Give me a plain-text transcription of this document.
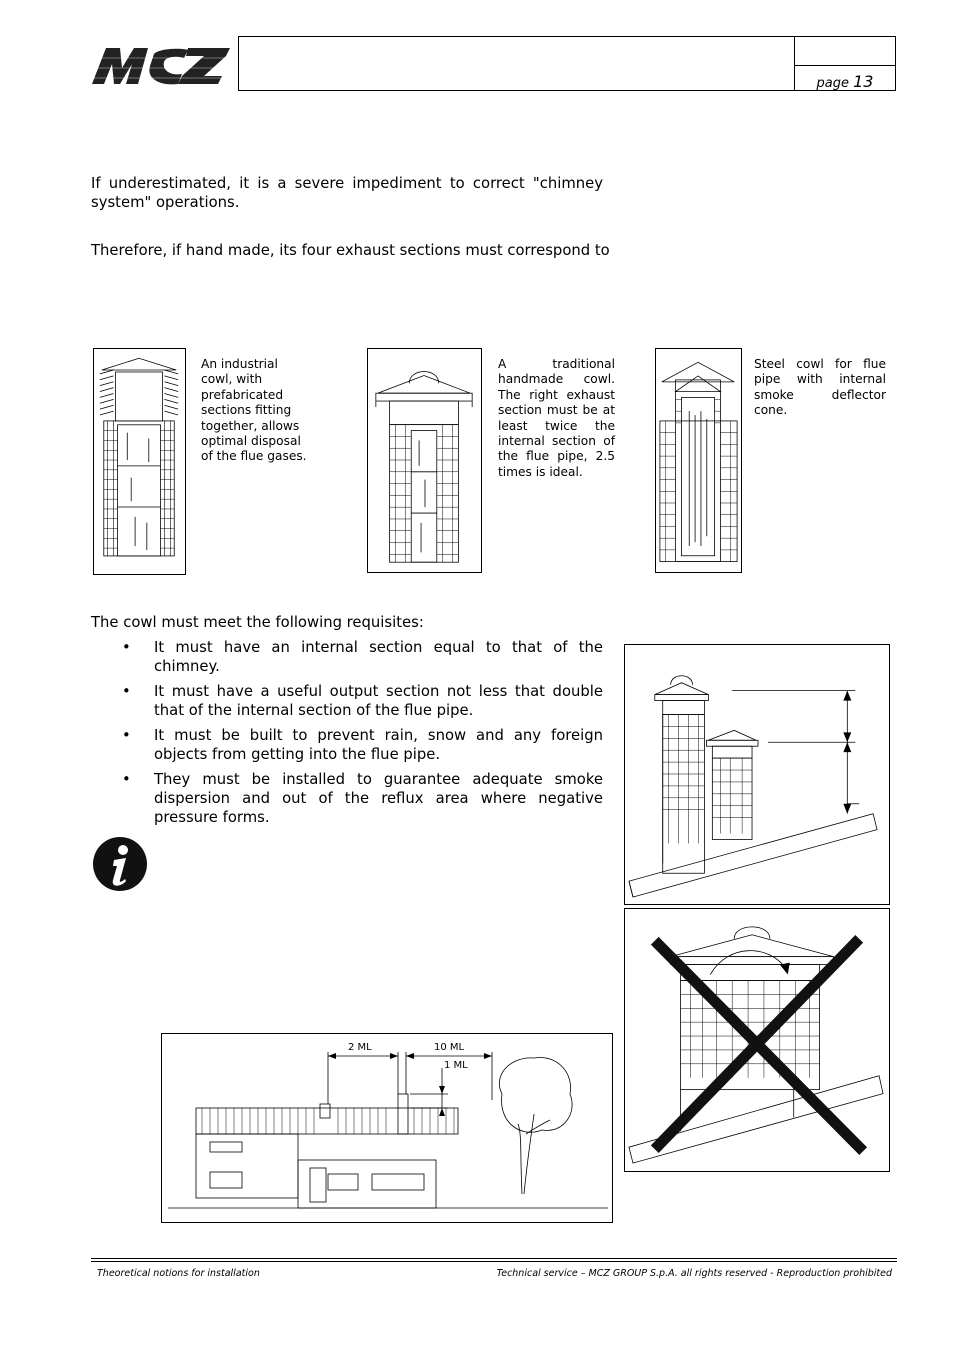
page 13
If underestimated, it is a severe impediment to correct "chimney system" operations.
Therefore, if hand made, its four exhaust sections must correspond to
An industrial cowl, with prefabricated sections fitting together, allows optimal disposal of the flue gases.
A traditional handmade cowl. The right exhaust section must be at least twice the internal section of the flue pipe, 2.5 times is ideal.
Steel cowl for flue pipe with internal smoke deflector cone.
The cowl must meet the following requisites:
• It must have an internal section equal to that of the chimney.
• It must have a useful output section not less that double that of the internal section of the flue pipe.
• It must be built to prevent rain, snow and any foreign objects from getting into the flue pipe.
• They must be installed to guarantee adequate smoke dispersion and out of the reflux area where negative pressure forms.
2 ML	10 ML
1 ML
Theoretical notions for installation	Technical service – MCZ GROUP S.p.A. all rights reserved - Reproduction prohibited
